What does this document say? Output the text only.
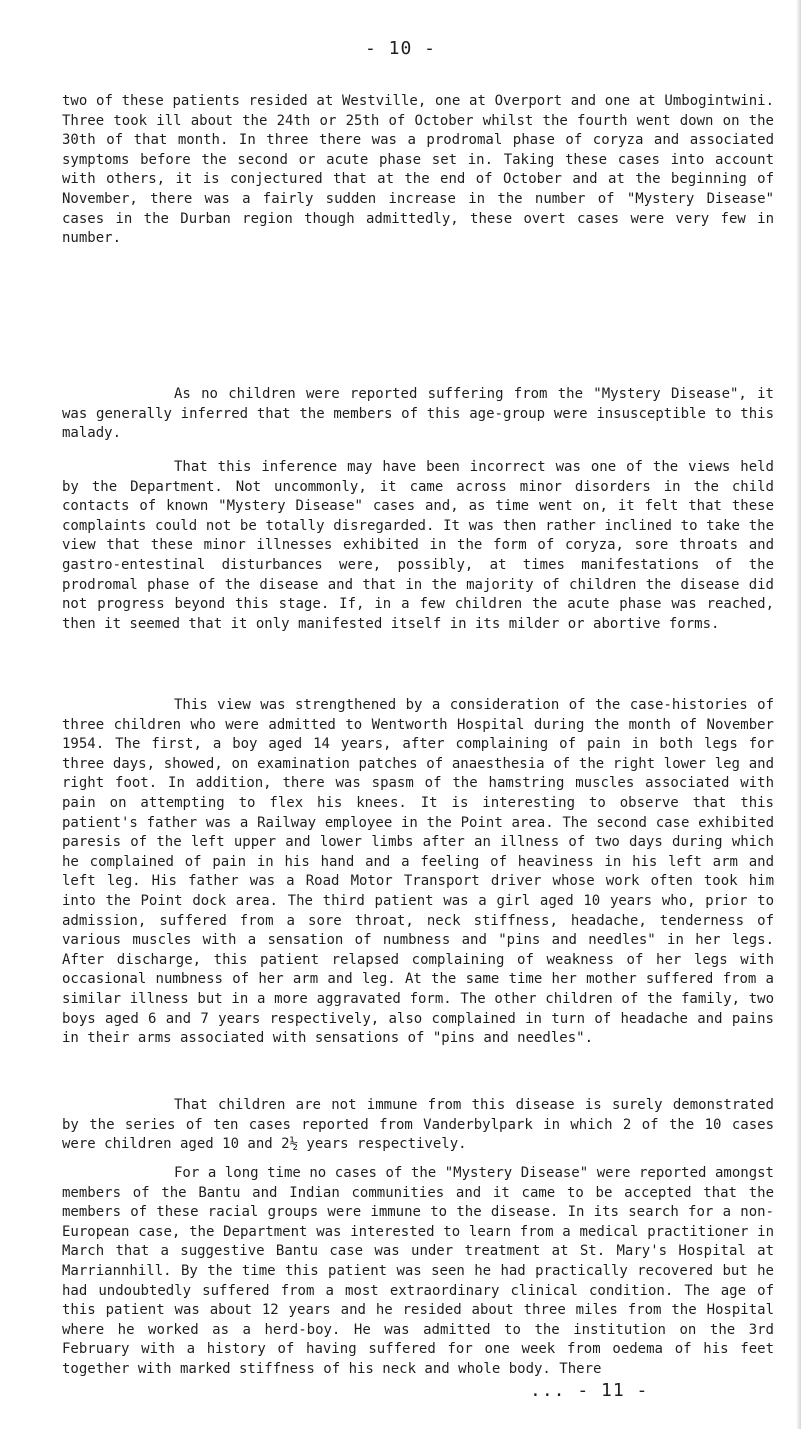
- 10 -

two of these patients resided at Westville, one at Overport and one at Umbogintwini. Three took ill about the 24th or 25th of October whilst the fourth went down on the 30th of that month. In three there was a prodromal phase of coryza and associated symptoms before the second or acute phase set in. Taking these cases into account with others, it is conjectured that at the end of October and at the beginning of November, there was a fairly sudden increase in the number of "Mystery Disease" cases in the Durban region though admittedly, these overt cases were very few in number.

As no children were reported suffering from the "Mystery Disease", it was generally inferred that the members of this age-group were insusceptible to this malady.

That this inference may have been incorrect was one of the views held by the Department. Not uncommonly, it came across minor disorders in the child contacts of known "Mystery Disease" cases and, as time went on, it felt that these complaints could not be totally disregarded. It was then rather inclined to take the view that these minor illnesses exhibited in the form of coryza, sore throats and gastro-entestinal disturbances were, possibly, at times manifestations of the prodromal phase of the disease and that in the majority of children the disease did not progress beyond this stage. If, in a few children the acute phase was reached, then it seemed that it only manifested itself in its milder or abortive forms.

This view was strengthened by a consideration of the case-histories of three children who were admitted to Wentworth Hospital during the month of November 1954. The first, a boy aged 14 years, after complaining of pain in both legs for three days, showed, on examination patches of anaesthesia of the right lower leg and right foot. In addition, there was spasm of the hamstring muscles associated with pain on attempting to flex his knees. It is interesting to observe that this patient's father was a Railway employee in the Point area. The second case exhibited paresis of the left upper and lower limbs after an illness of two days during which he complained of pain in his hand and a feeling of heaviness in his left arm and left leg. His father was a Road Motor Transport driver whose work often took him into the Point dock area. The third patient was a girl aged 10 years who, prior to admission, suffered from a sore throat, neck stiffness, headache, tenderness of various muscles with a sensation of numbness and "pins and needles" in her legs. After discharge, this patient relapsed complaining of weakness of her legs with occasional numbness of her arm and leg. At the same time her mother suffered from a similar illness but in a more aggravated form. The other children of the family, two boys aged 6 and 7 years respectively, also complained in turn of headache and pains in their arms associated with sensations of "pins and needles".

That children are not immune from this disease is surely demonstrated by the series of ten cases reported from Vanderbylpark in which 2 of the 10 cases were children aged 10 and 2½ years respectively.

For a long time no cases of the "Mystery Disease" were reported amongst members of the Bantu and Indian communities and it came to be accepted that the members of these racial groups were immune to the disease. In its search for a non-European case, the Department was interested to learn from a medical practitioner in March that a suggestive Bantu case was under treatment at St. Mary's Hospital at Marriannhill. By the time this patient was seen he had practically recovered but he had undoubtedly suffered from a most extraordinary clinical condition. The age of this patient was about 12 years and he resided about three miles from the Hospital where he worked as a herd-boy. He was admitted to the institution on the 3rd February with a history of having suffered for one week from oedema of his feet together with marked stiffness of his neck and whole body. There

... - 11 -
